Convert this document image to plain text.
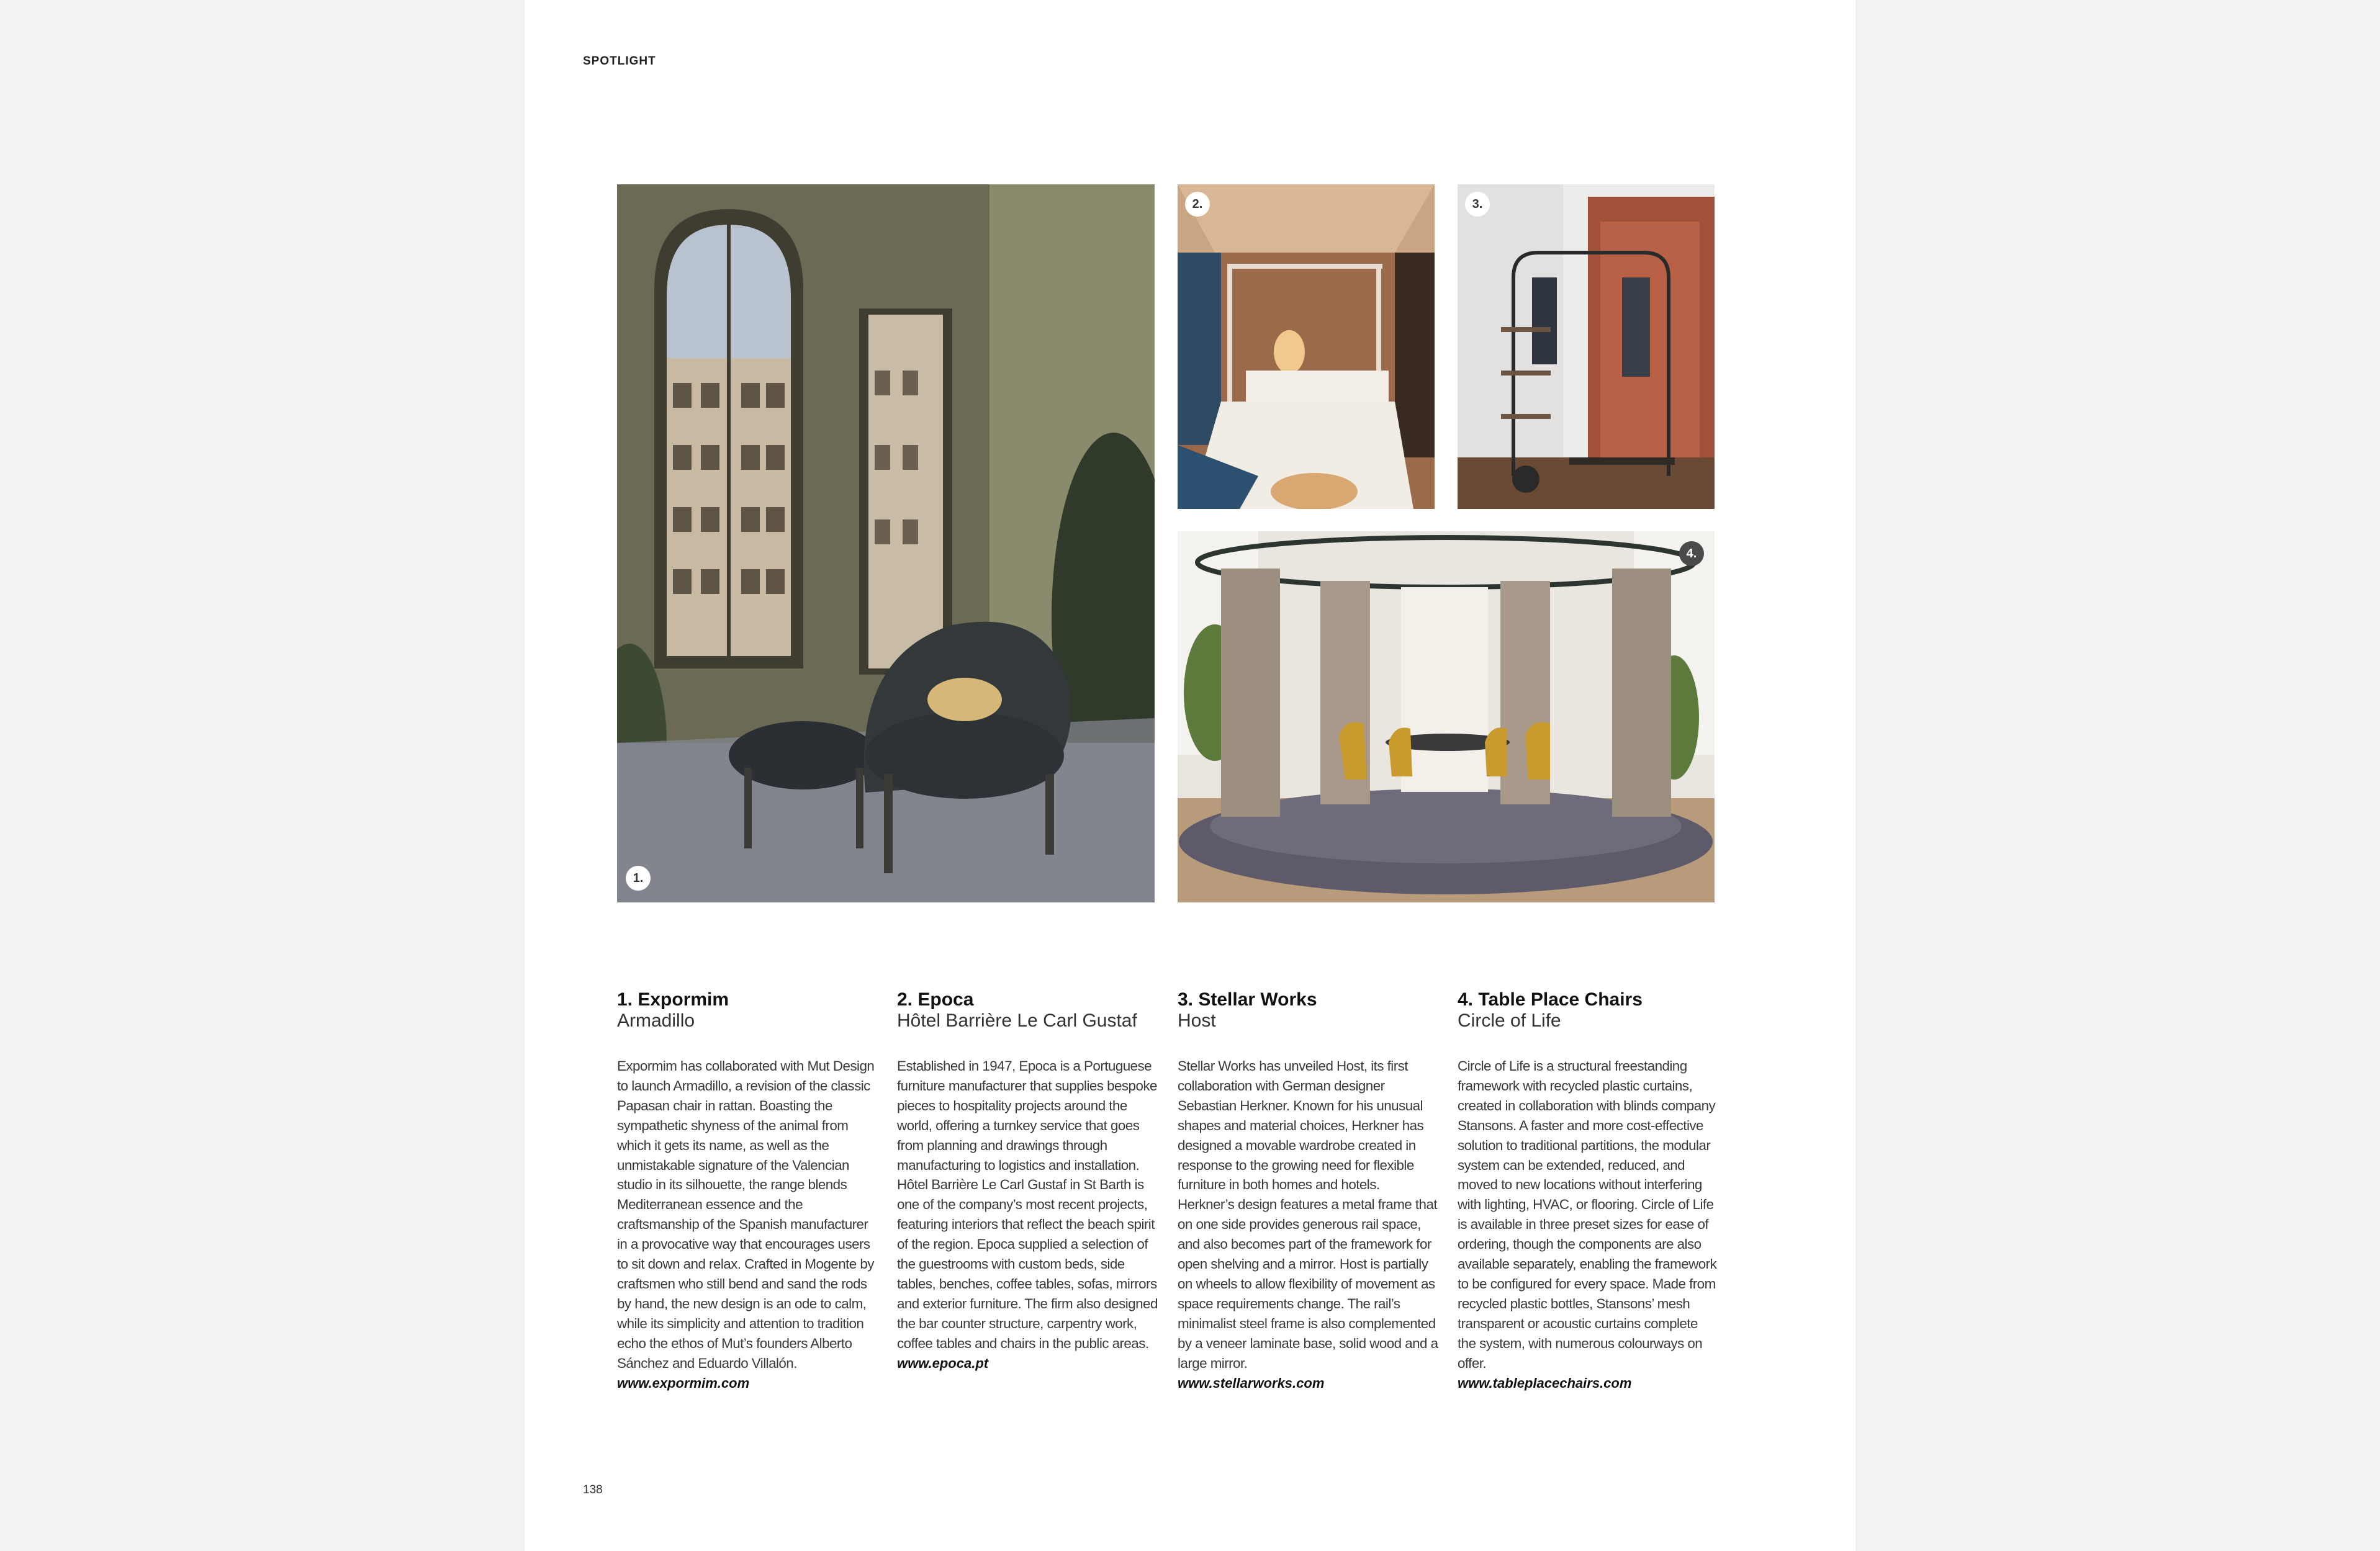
SPOTLIGHT
1.
2.	3.
4.
1. Expormim
Armadillo

Expormim has collaborated with Mut Design to launch Armadillo, a revision of the classic Papasan chair in rattan. Boasting the sympathetic shyness of the animal from which it gets its name, as well as the unmistakable signature of the Valencian studio in its silhouette, the range blends Mediterranean essence and the craftsmanship of the Spanish manufacturer in a provocative way that encourages users to sit down and relax. Crafted in Mogente by craftsmen who still bend and sand the rods by hand, the new design is an ode to calm, while its simplicity and attention to tradition echo the ethos of Mut’s founders Alberto Sánchez and Eduardo Villalón.

www.expormim.com
2. Epoca
Hôtel Barrière Le Carl Gustaf

Established in 1947, Epoca is a Portuguese furniture manufacturer that supplies bespoke pieces to hospitality projects around the world, offering a turnkey service that goes from planning and drawings through manufacturing to logistics and installation. Hôtel Barrière Le Carl Gustaf in St Barth is one of the company’s most recent projects, featuring interiors that reflect the beach spirit of the region. Epoca supplied a selection of the guestrooms with custom beds, side tables, benches, coffee tables, sofas, mirrors and exterior furniture. The firm also designed the bar counter structure, carpentry work, coffee tables and chairs in the public areas.

www.epoca.pt
3. Stellar Works
Host

Stellar Works has unveiled Host, its first collaboration with German designer Sebastian Herkner. Known for his unusual shapes and material choices, Herkner has designed a movable wardrobe created in response to the growing need for flexible furniture in both homes and hotels. Herkner’s design features a metal frame that on one side provides generous rail space, and also becomes part of the framework for open shelving and a mirror. Host is partially on wheels to allow flexibility of movement as space requirements change. The rail’s minimalist steel frame is also complemented by a veneer laminate base, solid wood and a large mirror.

www.stellarworks.com
4. Table Place Chairs
Circle of Life

Circle of Life is a structural freestanding framework with recycled plastic curtains, created in collaboration with blinds company Stansons. A faster and more cost-effective solution to traditional partitions, the modular system can be extended, reduced, and moved to new locations without interfering with lighting, HVAC, or flooring. Circle of Life is available in three preset sizes for ease of ordering, though the components are also available separately, enabling the framework to be configured for every space. Made from recycled plastic bottles, Stansons’ mesh transparent or acoustic curtains complete the system, with numerous colourways on offer.

www.tableplacechairs.com
138
